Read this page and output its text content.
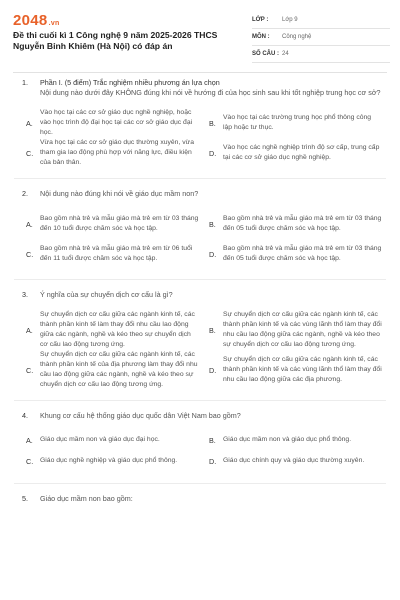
2048.vn
Đề thi cuối kì 1 Công nghệ 9 năm 2025-2026 THCS Nguyễn Bỉnh Khiêm (Hà Nội) có đáp án
LỚP :	Lớp 9
MÔN :	Công nghệ
SỐ CÂU : 24
1. Phần I. (5 điểm) Trắc nghiệm nhiều phương án lựa chọn
Nội dung nào dưới đây KHÔNG đúng khi nói về hướng đi của học sinh sau khi tốt nghiệp trung học cơ sở?
A.
Vào học tại các cơ sở giáo dục nghề nghiệp, hoặc vào học trình độ đại học tại các cơ sở giáo dục đại học.
B.
Vào học tại các trường trung học phổ thông công lập hoặc tư thục.
C.
Vừa học tại các cơ sở giáo dục thường xuyên, vừa tham gia lao động phù hợp với năng lực, điều kiện của bản thân.
D.
Vào học các nghề nghiệp trình độ sơ cấp, trung cấp tại các cơ sở giáo dục nghề nghiệp.
2. Nội dung nào đúng khi nói về giáo dục mầm non?
A.
Bao gồm nhà trẻ và mẫu giáo mà trẻ em từ 03 tháng đến 10 tuổi được chăm sóc và học tập.	B.
Bao gồm nhà trẻ và mẫu giáo mà trẻ em từ 03 tháng đến 05 tuổi được chăm sóc và học tập.
C.
Bao gồm nhà trẻ và mẫu giáo mà trẻ em từ 06 tuổi đến 11 tuổi được chăm sóc và học tập.	D.
Bao gồm nhà trẻ và mẫu giáo mà trẻ em từ 03 tháng đến 05 tuổi được chăm sóc và học tập.
3. Ý nghĩa của sự chuyển dịch cơ cấu là gì?
A.
Sự chuyển dịch cơ cấu giữa các ngành kinh tế, các thành phần kinh tế làm thay đổi nhu cầu lao động giữa các ngành, nghề và kéo theo sự chuyển dịch cơ cấu lao động tương ứng.
B.
Sự chuyển dịch cơ cấu giữa các ngành kinh tế, các thành phần kinh tế và các vùng lãnh thổ làm thay đổi nhu cầu lao động giữa các ngành, nghề và kéo theo sự chuyển dịch cơ cấu lao động tương ứng.
C.
Sự chuyển dịch cơ cấu giữa các ngành kinh tế, các thành phần kinh tế của địa phương làm thay đổi nhu cầu lao động giữa các ngành, nghề và kéo theo sự chuyển dịch cơ cấu lao động tương ứng.
D.
Sự chuyển dịch cơ cấu giữa các ngành kinh tế, các thành phần kinh tế và các vùng lãnh thổ làm thay đổi nhu cầu lao động giữa các địa phương.
4. Khung cơ cấu hệ thống giáo dục quốc dân Việt Nam bao gồm?
A.	Giáo dục mầm non và giáo dục đại học.	B.	Giáo dục mầm non và giáo dục phổ thông.
C.	Giáo dục nghề nghiệp và giáo dục phổ thông.	D.	Giáo dục chính quy và giáo dục thường xuyên.
5. Giáo dục mầm non bao gồm:
